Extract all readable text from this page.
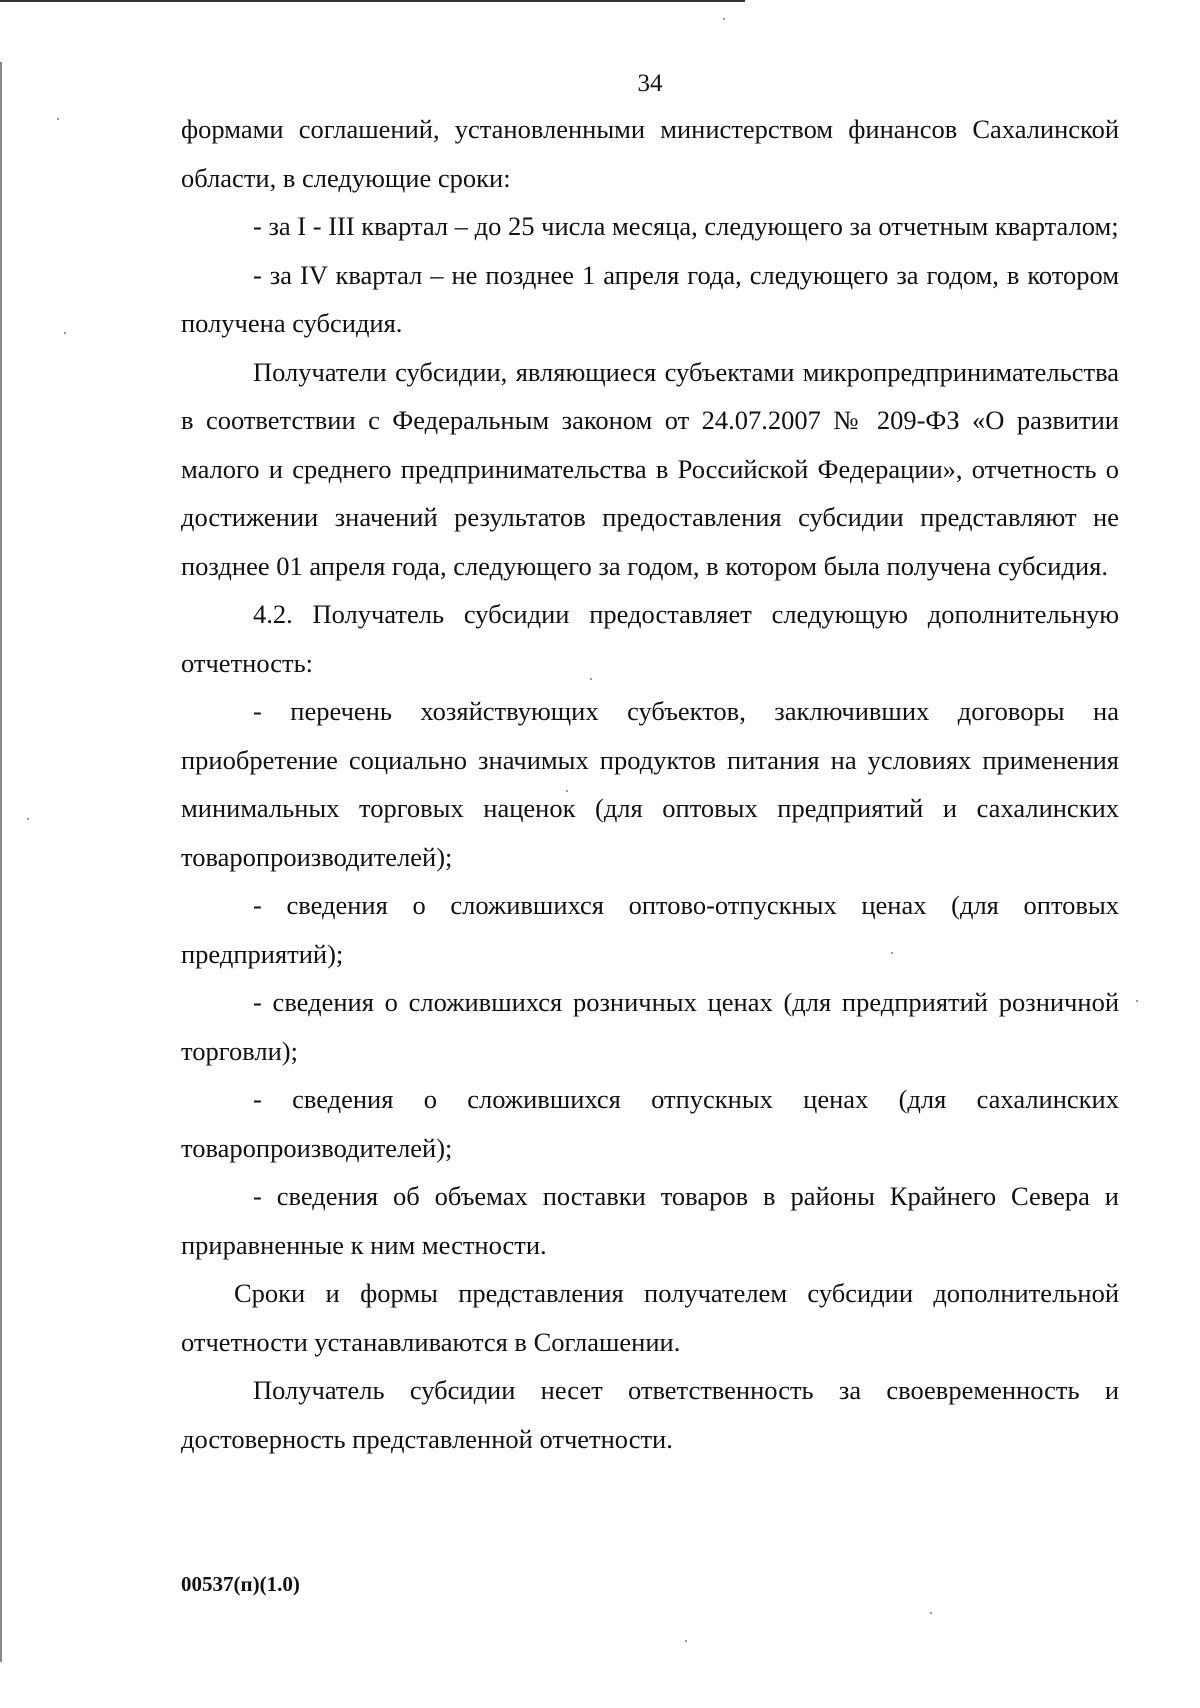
34

формами соглашений, установленными министерством финансов Сахалинской области, в следующие сроки:

- за I - III квартал – до 25 числа месяца, следующего за отчетным кварталом;

- за IV квартал – не позднее 1 апреля года, следующего за годом, в котором получена субсидия.

Получатели субсидии, являющиеся субъектами микропредпринимательства в соответствии с Федеральным законом от 24.07.2007 № 209-ФЗ «О развитии малого и среднего предпринимательства в Российской Федерации», отчетность о достижении значений результатов предоставления субсидии представляют не позднее 01 апреля года, следующего за годом, в котором была получена субсидия.

4.2. Получатель субсидии предоставляет следующую дополнительную отчетность:

- перечень хозяйствующих субъектов, заключивших договоры на приобретение социально значимых продуктов питания на условиях применения минимальных торговых наценок (для оптовых предприятий и сахалинских товаропроизводителей);

- сведения о сложившихся оптово-отпускных ценах (для оптовых предприятий);

- сведения о сложившихся розничных ценах (для предприятий розничной торговли);

- сведения о сложившихся отпускных ценах (для сахалинских товаропроизводителей);

- сведения об объемах поставки товаров в районы Крайнего Севера и приравненные к ним местности.

Сроки и формы представления получателем субсидии дополнительной отчетности устанавливаются в Соглашении.

Получатель субсидии несет ответственность за своевременность и достоверность представленной отчетности.

00537(п)(1.0)
